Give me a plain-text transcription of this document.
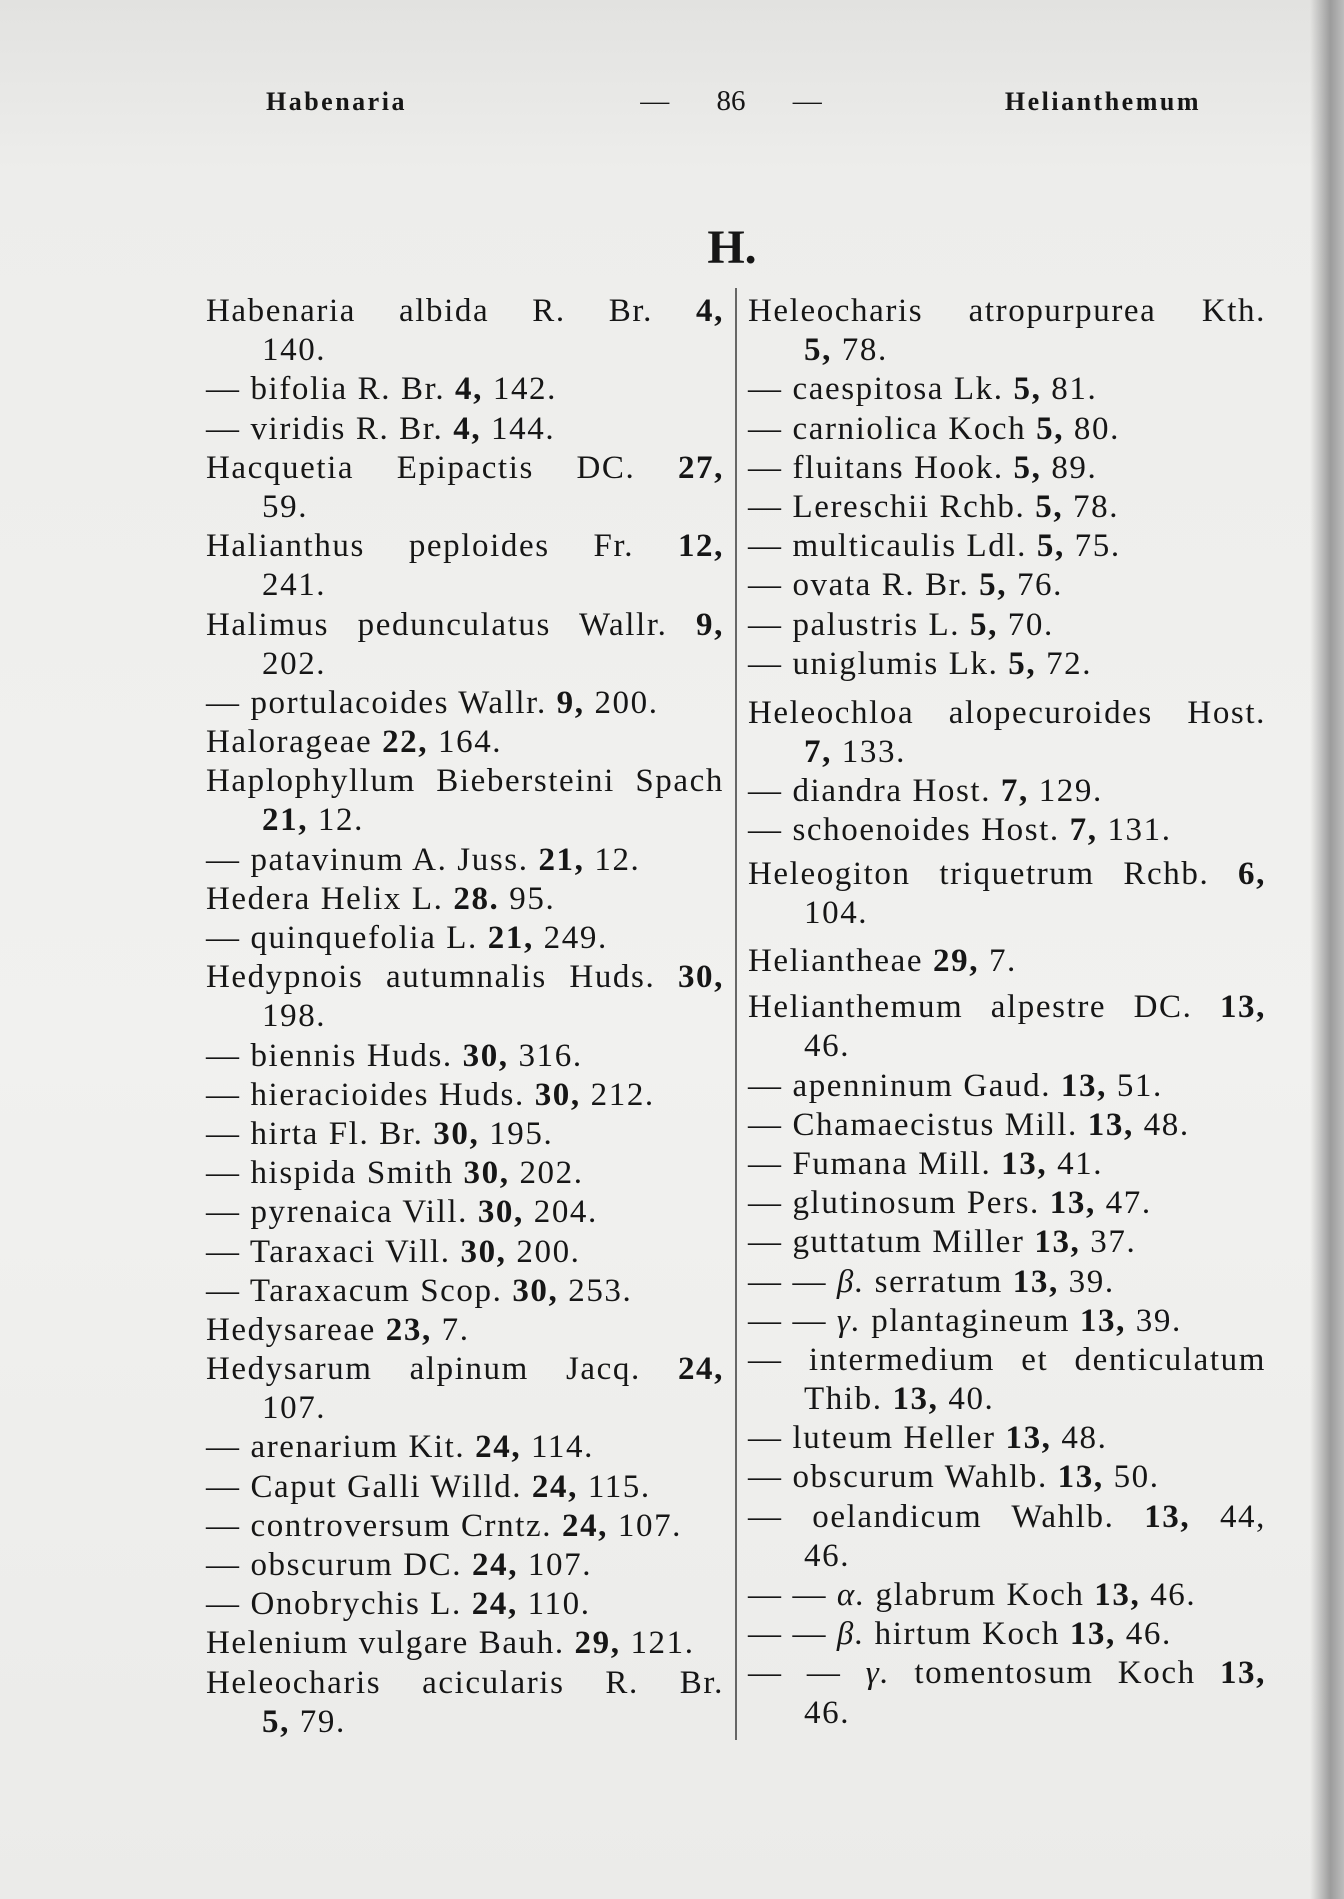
Habenaria	— 86 —	Helianthemum
H.
Habenaria albida R. Br. 4,
140.
— bifolia R. Br. 4, 142.
— viridis R. Br. 4, 144.
Hacquetia Epipactis DC. 27,
59.
Halianthus peploides Fr. 12,
241.
Halimus pedunculatus Wallr. 9,
202.
— portulacoides Wallr. 9, 200.
Halorageae 22, 164.
Haplophyllum Biebersteini Spach
21, 12.
— patavinum A. Juss. 21, 12.
Hedera Helix L. 28. 95.
— quinquefolia L. 21, 249.
Hedypnois autumnalis Huds. 30,
198.
— biennis Huds. 30, 316.
— hieracioides Huds. 30, 212.
— hirta Fl. Br. 30, 195.
— hispida Smith 30, 202.
— pyrenaica Vill. 30, 204.
— Taraxaci Vill. 30, 200.
— Taraxacum Scop. 30, 253.
Hedysareae 23, 7.
Hedysarum alpinum Jacq. 24,
107.
— arenarium Kit. 24, 114.
— Caput Galli Willd. 24, 115.
— controversum Crntz. 24, 107.
— obscurum DC. 24, 107.
— Onobrychis L. 24, 110.
Helenium vulgare Bauh. 29, 121.
Heleocharis acicularis R. Br.
5, 79.
Heleocharis atropurpurea Kth.
5, 78.
— caespitosa Lk. 5, 81.
— carniolica Koch 5, 80.
— fluitans Hook. 5, 89.
— Lereschii Rchb. 5, 78.
— multicaulis Ldl. 5, 75.
— ovata R. Br. 5, 76.
— palustris L. 5, 70.
— uniglumis Lk. 5, 72.
Heleochloa alopecuroides Host.
7, 133.
— diandra Host. 7, 129.
— schoenoides Host. 7, 131.
Heleogiton triquetrum Rchb. 6,
104.
Heliantheae 29, 7.
Helianthemum alpestre DC. 13,
46.
— apenninum Gaud. 13, 51.
— Chamaecistus Mill. 13, 48.
— Fumana Mill. 13, 41.
— glutinosum Pers. 13, 47.
— guttatum Miller 13, 37.
— — β. serratum 13, 39.
— — γ. plantagineum 13, 39.
— intermedium et denticulatum
Thib. 13, 40.
— luteum Heller 13, 48.
— obscurum Wahlb. 13, 50.
— oelandicum Wahlb. 13, 44,
46.
— — α. glabrum Koch 13, 46.
— — β. hirtum Koch 13, 46.
— — γ. tomentosum Koch 13,
46.
